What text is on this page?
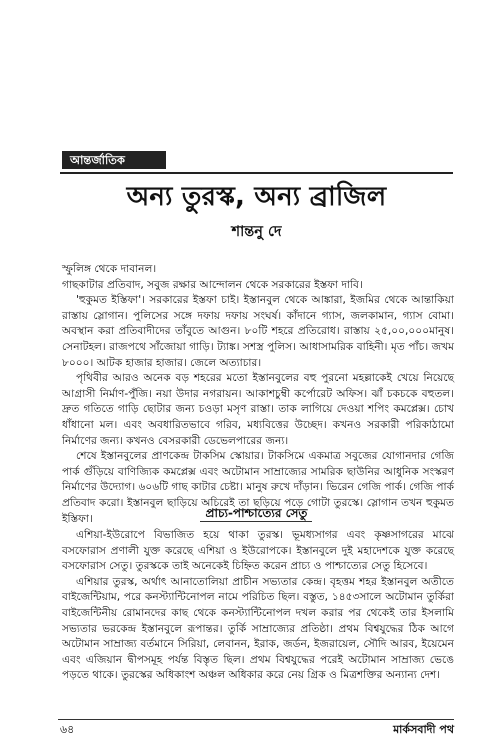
আন্তর্জাতিক
অন্য তুরস্ক, অন্য ব্রাজিল
শান্তনু দে

স্ফুলিঙ্গ থেকে দাবানল।

গাছকাটার প্রতিবাদ, সবুজ রক্ষার আন্দোলন থেকে সরকারের ইস্তফা দাবি।

'হুকুমত ইস্তিফা'। সরকারের ইস্তফা চাই। ইস্তানবুল থেকে আঙ্কারা, ইজমির থেকে আন্তাকিয়া রাস্তায় স্লোগান। পুলিসের সঙ্গে দফায় দফায় সংঘর্ষ। কাঁদানে গ্যাস, জলকামান, গ্যাস বোমা। অবস্থান করা প্রতিবাদীদের তাঁবুতে আগুন। ৮০টি শহরে প্রতিরোধ। রাস্তায় ২৫,০০,০০০মানুষ। সেনাটহল। রাজপথে সাঁজোয়া গাড়ি। ট্যাঙ্ক। সশস্ত্র পুলিস। আধাসামরিক বাহিনী। মৃত পাঁচ। জখম ৮০০০। আটক হাজার হাজার। জেলে অত্যাচার।

পৃথিবীর আরও অনেক বড় শহরের মতো ইস্তানবুলের বহু পুরনো মহল্লাকেই খেয়ে নিয়েছে আগ্রাসী নির্মাণ-পুঁজি। নয়া উদার নগরায়ন। আকাশচুম্বী কর্পোরেট অফিস। ঝাঁ চকচকে বহুতল। দ্রুত গতিতে গাড়ি ছোটার জন্য চওড়া মসৃণ রাস্তা। তাক লাগিয়ে দেওয়া শপিং কমপ্লেক্স। চোখ ধাঁধানো মল। এবং অবধারিতভাবে গরিব, মধ্যবিত্তের উচ্ছেদ। কখনও সরকারী পরিকাঠামো নির্মাণের জন্য। কখনও বেসরকারী ডেভেলপারের জন্য।

শেষে ইস্তানবুলের প্রাণকেন্দ্র টাকসিম স্কোয়ার। টাকসিমে একমাত্র সবুজের যোগানদার গেজি পার্ক গুঁড়িয়ে বাণিজ্যিক কমপ্লেক্স এবং অটোমান সাম্রাজ্যের সামরিক ছাউনির আধুনিক সংস্করণ নির্মাণের উদ্যোগ। ৬০৬টি গাছ কাটার চেষ্টা। মানুষ রুখে দাঁড়ান। ভিরেন গেজি পার্ক। গেজি পার্ক প্রতিবাদ করো। ইস্তানবুল ছাড়িয়ে অচিরেই তা ছড়িয়ে পড়ে গোটা তুরস্কে। স্লোগান তখন হুকুমত ইস্তিফা।	প্রাচ্য-পাশ্চাত্যের সেতু

এশিয়া-ইউরোপে বিভাজিত হয়ে থাকা তুরস্ক। ভূমধ্যসাগর এবং কৃষ্ণসাগরের মাঝে বসফোরাস প্রণালী যুক্ত করেছে এশিয়া ও ইউরোপকে। ইস্তানবুলে দুই মহাদেশকে যুক্ত করেছে বসফোরাস সেতু। তুরস্ককে তাই অনেকেই চিহ্নিত করেন প্রাচ্য ও পাশ্চাত্যের সেতু হিসেবে।

এশিয়ার তুরস্ক, অর্থাৎ আনাতোলিয়া প্রাচীন সভ্যতার কেন্দ্র। বৃহত্তম শহর ইস্তানবুল অতীতে বাইজেন্টিয়াম, পরে কনস্ট্যান্টিনোপল নামে পরিচিত ছিল। বস্তুত, ১৪৫৩সালে অটোমান তুর্কিরা বাইজেন্টিনীয় রোমানদের কাছ থেকে কনস্ট্যান্টিনোপল দখল করার পর থেকেই তার ইসলামি সভ্যতার ভরকেন্দ্র ইস্তানবুলে রূপান্তর। তুর্কি সাম্রাজ্যের প্রতিষ্ঠা। প্রথম বিশ্বযুদ্ধের ঠিক আগে অটোমান সাম্রাজ্য বর্তমানে সিরিয়া, লেবানন, ইরাক, জর্ডন, ইজরায়েল, সৌদি আরব, ইয়েমেন এবং এজিয়ান দ্বীপসমূহ পর্যন্ত বিস্তৃত ছিল। প্রথম বিশ্বযুদ্ধের পরেই অটোমান সাম্রাজ্য ভেঙে পড়তে থাকে। তুরস্কের অধিকাংশ অঞ্চল অধিকার করে নেয় গ্রিক ও মিত্রশক্তির অন্যান্য দেশ।

৬৪	মার্কসবাদী পথ
